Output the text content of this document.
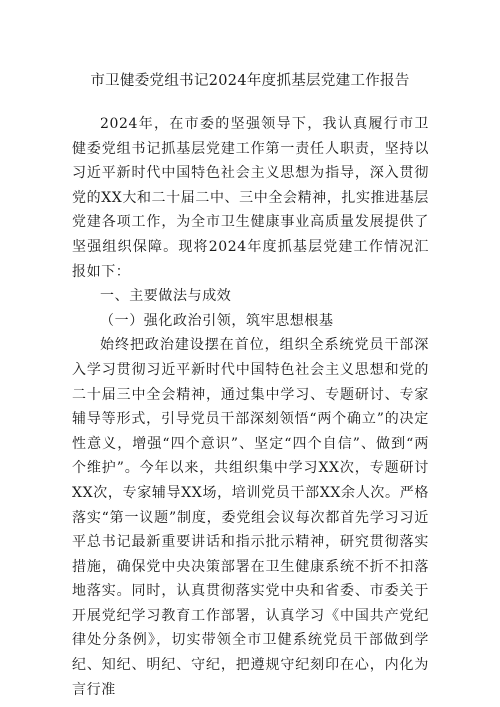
市卫健委党组书记2024年度抓基层党建工作报告

2024年，在市委的坚强领导下，我认真履行市卫健委党组书记抓基层党建工作第一责任人职责，坚持以习近平新时代中国特色社会主义思想为指导，深入贯彻党的XX大和二十届二中、三中全会精神，扎实推进基层党建各项工作，为全市卫生健康事业高质量发展提供了坚强组织保障。现将2024年度抓基层党建工作情况汇报如下：

一、主要做法与成效

（一）强化政治引领，筑牢思想根基

始终把政治建设摆在首位，组织全系统党员干部深入学习贯彻习近平新时代中国特色社会主义思想和党的二十届三中全会精神，通过集中学习、专题研讨、专家辅导等形式，引导党员干部深刻领悟“两个确立”的决定性意义，增强“四个意识”、坚定“四个自信”、做到“两个维护”。今年以来，共组织集中学习XX次，专题研讨XX次，专家辅导XX场，培训党员干部XX余人次。严格落实“第一议题”制度，委党组会议每次都首先学习习近平总书记最新重要讲话和指示批示精神，研究贯彻落实措施，确保党中央决策部署在卫生健康系统不折不扣落地落实。同时，认真贯彻落实党中央和省委、市委关于开展党纪学习教育工作部署，认真学习《中国共产党纪律处分条例》，切实带领全市卫健系统党员干部做到学纪、知纪、明纪、守纪，把遵规守纪刻印在心，内化为言行准
